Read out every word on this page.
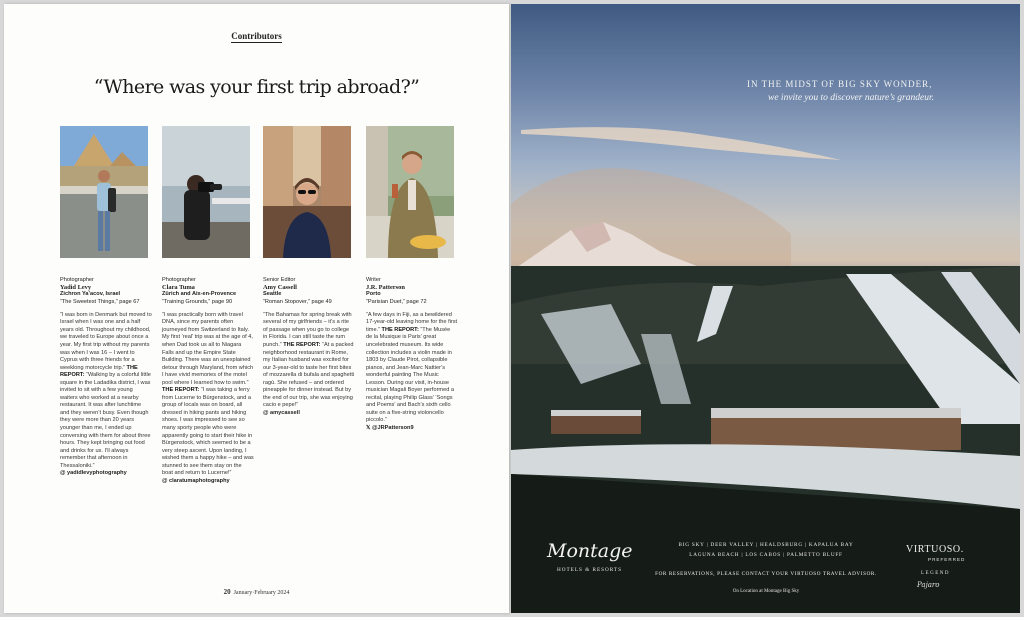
Contributors
“Where was your first trip abroad?”
Photographer
Yadid Levy
Zichron Ya’acov, Israel
“The Sweetest Things,” page 67
“I was born in Denmark but moved to Israel when I was one and a half years old. Throughout my childhood, we traveled to Europe about once a year. My first trip without my parents was when I was 16 – I went to Cyprus with three friends for a weeklong motorcycle trip.” THE REPORT: “Walking by a colorful little square in the Ladadika district, I was invited to sit with a few young waiters who worked at a nearby restaurant. It was after lunchtime and they weren’t busy. Even though they were more than 20 years younger than me, I ended up conversing with them for about three hours. They kept bringing out food and drinks for us. I’ll always remember that afternoon in Thessaloniki.”
@ yadidlevyphotography
Photographer
Clara Tuma
Zürich and Aix-en-Provence
“Training Grounds,” page 90
“I was practically born with travel DNA, since my parents often journeyed from Switzerland to Italy. My first ‘real’ trip was at the age of 4, when Dad took us all to Niagara Falls and up the Empire State Building. There was an unexplained detour through Maryland, from which I have vivid memories of the motel pool where I learned how to swim.” THE REPORT: “I was taking a ferry from Lucerne to Bürgenstock, and a group of locals was on board, all dressed in hiking pants and hiking shoes. I was impressed to see so many sporty people who were apparently going to start their hike in Bürgenstock, which seemed to be a very steep ascent. Upon landing, I wished them a happy hike – and was stunned to see them stay on the boat and return to Lucerne!”
@ claratumaphotography
Senior Editor
Amy Cassell
Seattle
“Roman Stopover,” page 49
“The Bahamas for spring break with several of my girlfriends – it’s a rite of passage when you go to college in Florida. I can still taste the rum punch.” THE REPORT: “At a packed neighborhood restaurant in Rome, my Italian husband was excited for our 3-year-old to taste her first bites of mozzarella di bufala and spaghetti ragù. She refused – and ordered pineapple for dinner instead. But by the end of our trip, she was enjoying cacio e pepe!”
@ amycassell
Writer
J.R. Patterson
Porto
“Parisian Duet,” page 72
“A few days in Fiji, as a bewildered 17-year-old leaving home for the first time.” THE REPORT: “The Musée de la Musique is Paris’ great uncelebrated museum. Its wide collection includes a violin made in 1803 by Claude Pirot, collapsible pianos, and Jean-Marc Nattier’s wonderful painting The Music Lesson. During our visit, in-house musician Magali Boyer performed a recital, playing Philip Glass’ ‘Songs and Poems’ and Bach’s sixth cello suite on a five-string violoncello piccolo.”
𝕏 @JRPatterson9
20 January·February 2024
IN THE MIDST OF BIG SKY WONDER,
we invite you to discover nature’s grandeur.
Montage
HOTELS & RESORTS
BIG SKY | DEER VALLEY | HEALDSBURG | KAPALUA BAY
LAGUNA BEACH | LOS CABOS | PALMETTO BLUFF
FOR RESERVATIONS, PLEASE CONTACT YOUR VIRTUOSO TRAVEL ADVISOR.
On Location at Montage Big Sky
VIRTUOSO.
PREFERRED
LEGEND
Pajaro
